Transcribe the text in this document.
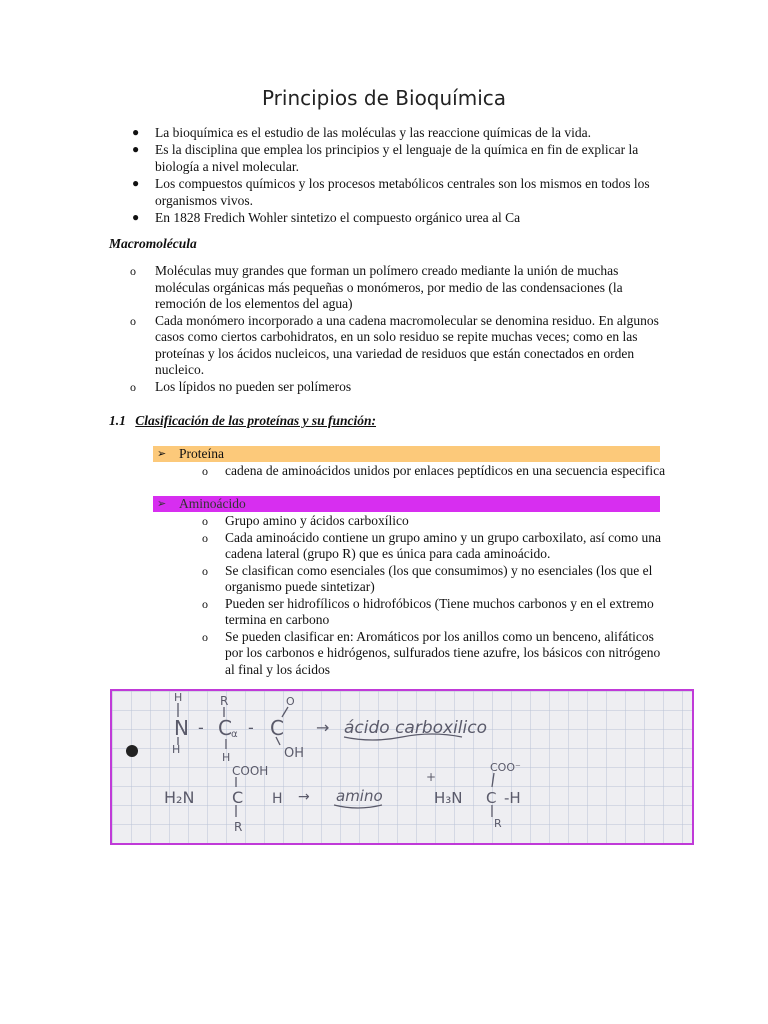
Principios de Bioquímica
● La bioquímica es el estudio de las moléculas y las reaccione químicas de la vida.
● Es la disciplina que emplea los principios y el lenguaje de la química en fin de explicar la biología a nivel molecular.
● Los compuestos químicos y los procesos metabólicos centrales son los mismos en todos los organismos vivos.
● En 1828 Fredich Wohler sintetizo el compuesto orgánico urea al Ca
Macromolécula
o Moléculas muy grandes que forman un polímero creado mediante la unión de muchas moléculas orgánicas más pequeñas o monómeros, por medio de las condensaciones (la remoción de los elementos del agua)
o Cada monómero incorporado a una cadena macromolecular se denomina residuo. En algunos casos como ciertos carbohidratos, en un solo residuo se repite muchas veces; como en las proteínas y los ácidos nucleicos, una variedad de residuos que están conectados en orden nucleico.
o Los lípidos no pueden ser polímeros
1.1 Clasificación de las proteínas y su función:
➢ Proteína
o cadena de aminoácidos unidos por enlaces peptídicos en una secuencia especifica
➢ Aminoácido
o Grupo amino y ácidos carboxílico
o Cada aminoácido contiene un grupo amino y un grupo carboxilato, así como una cadena lateral (grupo R) que es única para cada aminoácido.
o Se clasifican como esenciales (los que consumimos) y no esenciales (los que el organismo puede sintetizar)
o Pueden ser hidrofílicos o hidrofóbicos (Tiene muchos carbonos y en el extremo termina en carbono
o Se pueden clasificar en: Aromáticos por los anillos como un benceno, alifáticos por los carbonos e hidrógenos, sulfurados tiene azufre, los básicos con nitrógeno al final y los ácidos
H	R	O
N - C α - C → ácido carboxilico
H
H	OH
COOH
H₂N C H → amino
R
H₃N
+
C -H
COO⁻
R
